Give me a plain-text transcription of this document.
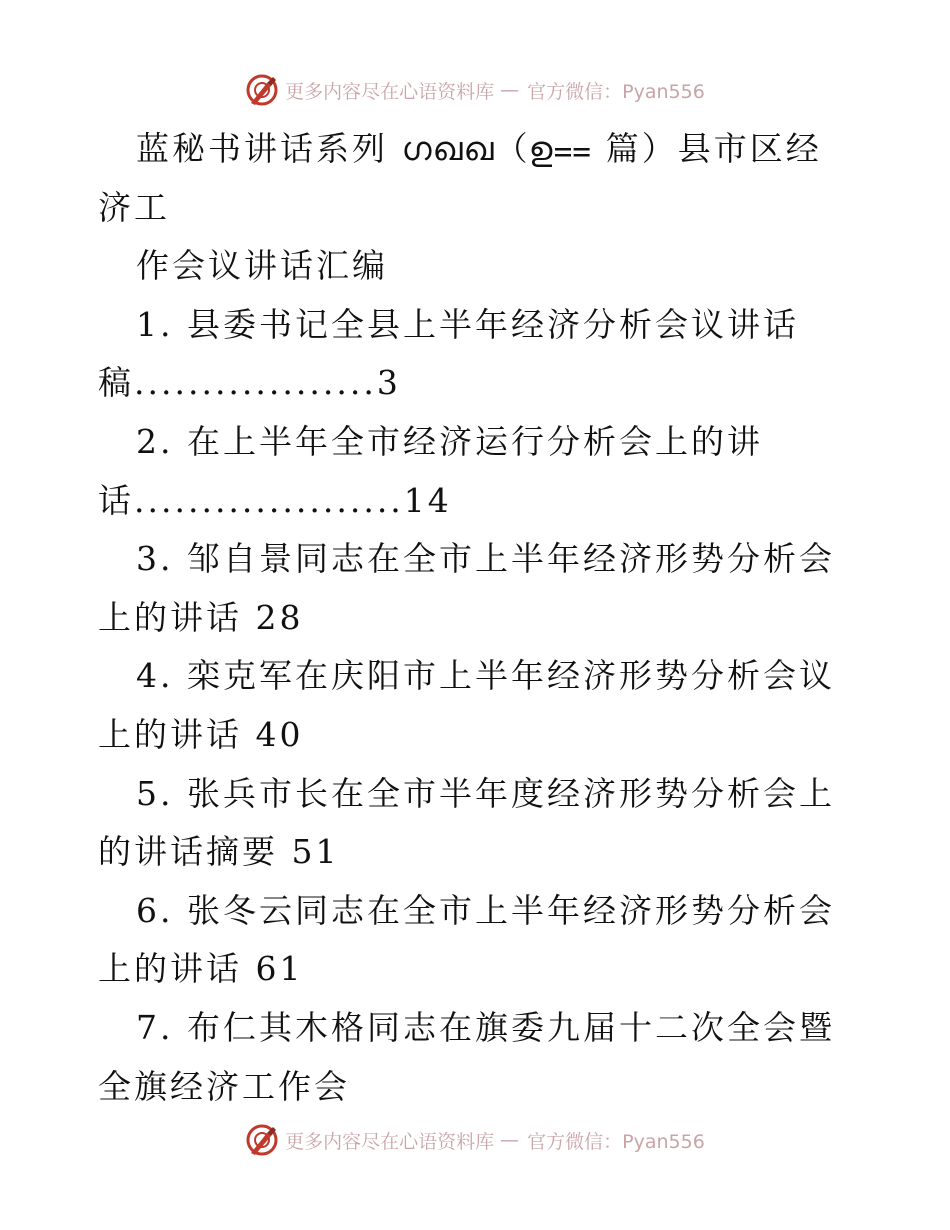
更多内容尽在心语资料库 — 官方微信：Pyan556

蓝秘书讲话系列 ഗഖഖ（ഉ⩵ 篇）县市区经济工

作会议讲话汇编

1. 县委书记全县上半年经济分析会议讲话稿..................3

2. 在上半年全市经济运行分析会上的讲话....................14

3. 邹自景同志在全市上半年经济形势分析会上的讲话 28

4. 栾克军在庆阳市上半年经济形势分析会议上的讲话 40

5. 张兵市长在全市半年度经济形势分析会上的讲话摘要 51

6. 张冬云同志在全市上半年经济形势分析会上的讲话 61

7. 布仁其木格同志在旗委九届十二次全会暨全旗经济工作会

更多内容尽在心语资料库 — 官方微信：Pyan556
